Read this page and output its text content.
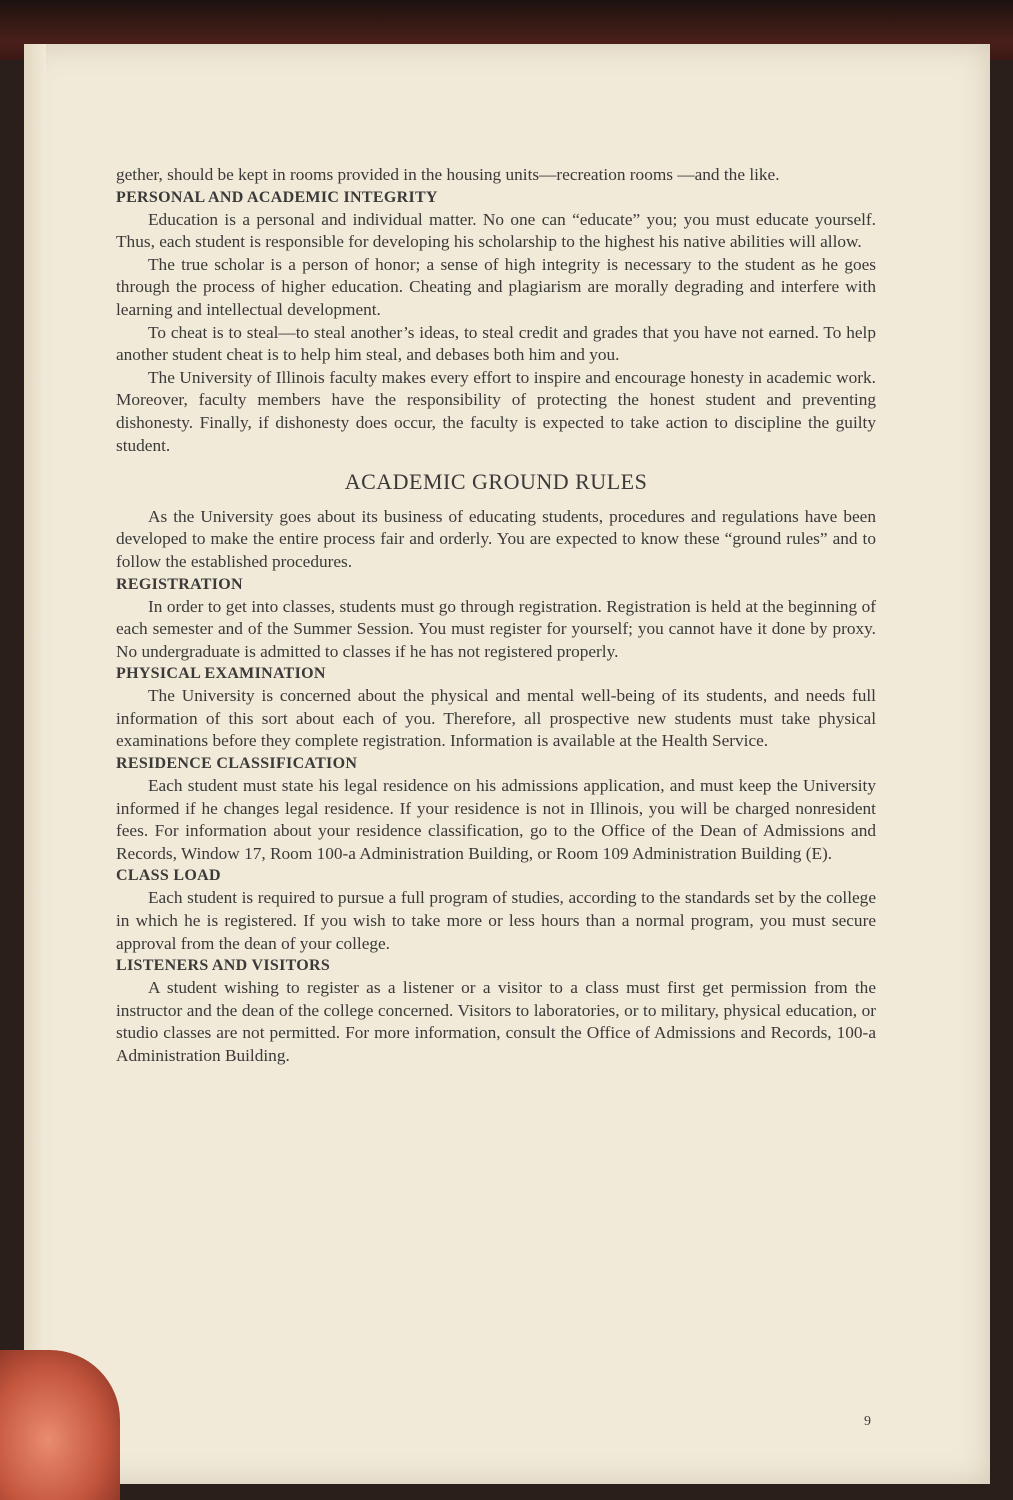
gether, should be kept in rooms provided in the housing units—recreation rooms —and the like.

PERSONAL AND ACADEMIC INTEGRITY

Education is a personal and individual matter. No one can “educate” you; you must educate yourself. Thus, each student is responsible for developing his scholarship to the highest his native abilities will allow.

The true scholar is a person of honor; a sense of high integrity is necessary to the student as he goes through the process of higher education. Cheating and plagiarism are morally degrading and interfere with learning and intellectual development.

To cheat is to steal—to steal another’s ideas, to steal credit and grades that you have not earned. To help another student cheat is to help him steal, and debases both him and you.

The University of Illinois faculty makes every effort to inspire and encourage honesty in academic work. Moreover, faculty members have the responsibility of protecting the honest student and preventing dishonesty. Finally, if dishonesty does occur, the faculty is expected to take action to discipline the guilty student.

ACADEMIC GROUND RULES

As the University goes about its business of educating students, procedures and regulations have been developed to make the entire process fair and orderly. You are expected to know these “ground rules” and to follow the established procedures.

REGISTRATION

In order to get into classes, students must go through registration. Registration is held at the beginning of each semester and of the Summer Session. You must register for yourself; you cannot have it done by proxy. No undergraduate is admitted to classes if he has not registered properly.

PHYSICAL EXAMINATION

The University is concerned about the physical and mental well-being of its students, and needs full information of this sort about each of you. Therefore, all prospective new students must take physical examinations before they complete registration. Information is available at the Health Service.

RESIDENCE CLASSIFICATION

Each student must state his legal residence on his admissions application, and must keep the University informed if he changes legal residence. If your residence is not in Illinois, you will be charged nonresident fees. For information about your residence classification, go to the Office of the Dean of Admissions and Records, Window 17, Room 100-a Administration Building, or Room 109 Administration Building (E).

CLASS LOAD

Each student is required to pursue a full program of studies, according to the standards set by the college in which he is registered. If you wish to take more or less hours than a normal program, you must secure approval from the dean of your college.

LISTENERS AND VISITORS

A student wishing to register as a listener or a visitor to a class must first get permission from the instructor and the dean of the college concerned. Visitors to laboratories, or to military, physical education, or studio classes are not permitted. For more information, consult the Office of Admissions and Records, 100-a Administration Building.

9
